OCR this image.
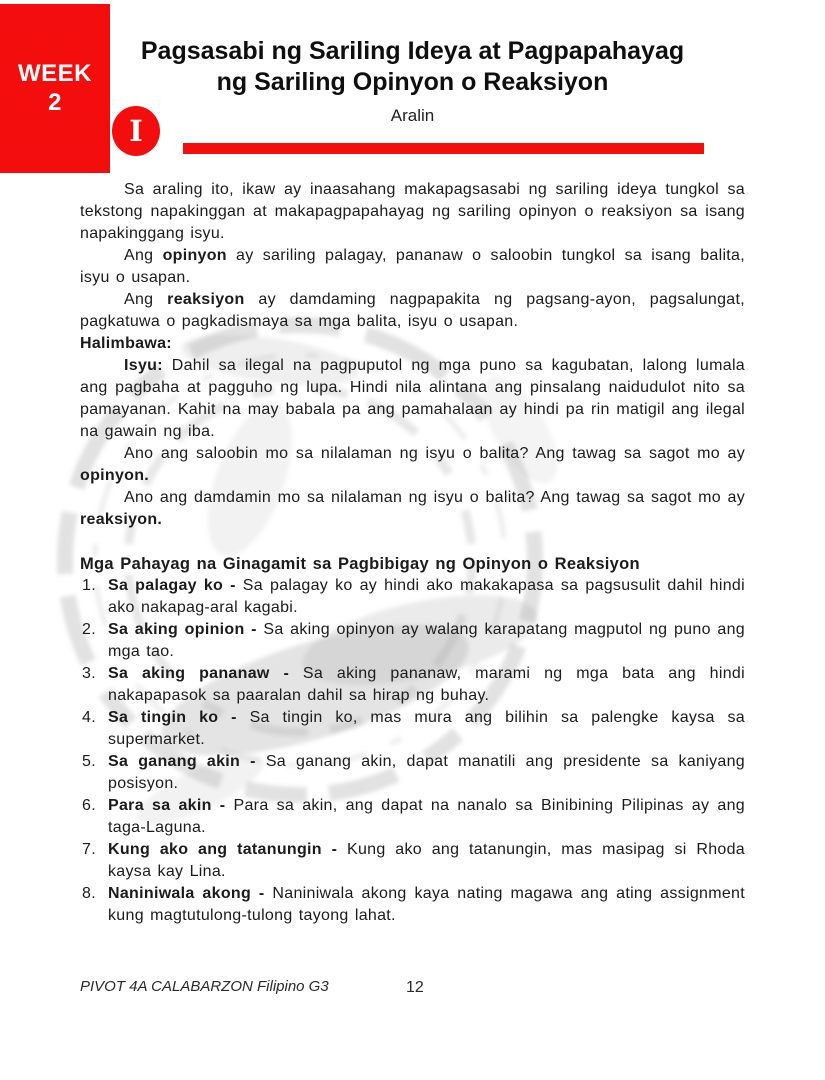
WEEK
2
Pagsasabi ng Sariling Ideya at Pagpapahayag
ng Sariling Opinyon o Reaksiyon
Aralin
I

Sa araling ito, ikaw ay inaasahang makapagsasabi ng sariling ideya tungkol sa tekstong napakinggan at makapagpapahayag ng sariling opinyon o reaksiyon sa isang napakinggang isyu.

Ang opinyon ay sariling palagay, pananaw o saloobin tungkol sa isang balita, isyu o usapan.

Ang reaksiyon ay damdaming nagpapakita ng pagsang-ayon, pagsalungat, pagkatuwa o pagkadismaya sa mga balita, isyu o usapan.

Halimbawa:

Isyu: Dahil sa ilegal na pagpuputol ng mga puno sa kagubatan, lalong lumala ang pagbaha at pagguho ng lupa. Hindi nila alintana ang pinsalang naidudulot nito sa pamayanan. Kahit na may babala pa ang pamahalaan ay hindi pa rin matigil ang ilegal na gawain ng iba.

Ano ang saloobin mo sa nilalaman ng isyu o balita? Ang tawag sa sagot mo ay opinyon.

Ano ang damdamin mo sa nilalaman ng isyu o balita? Ang tawag sa sagot mo ay reaksiyon.

Mga Pahayag na Ginagamit sa Pagbibigay ng Opinyon o Reaksiyon
1. Sa palagay ko - Sa palagay ko ay hindi ako makakapasa sa pagsusulit dahil hindi ako nakapag-aral kagabi.
2. Sa aking opinion - Sa aking opinyon ay walang karapatang magputol ng puno ang mga tao.
3. Sa aking pananaw - Sa aking pananaw, marami ng mga bata ang hindi nakapapasok sa paaralan dahil sa hirap ng buhay.
4. Sa tingin ko - Sa tingin ko, mas mura ang bilihin sa palengke kaysa sa supermarket.
5. Sa ganang akin - Sa ganang akin, dapat manatili ang presidente sa kaniyang posisyon.
6. Para sa akin - Para sa akin, ang dapat na nanalo sa Binibining Pilipinas ay ang taga-Laguna.
7. Kung ako ang tatanungin - Kung ako ang tatanungin, mas masipag si Rhoda kaysa kay Lina.
8. Naniniwala akong - Naniniwala akong kaya nating magawa ang ating assignment kung magtutulong-tulong tayong lahat.
PIVOT 4A CALABARZON Filipino G3	12
